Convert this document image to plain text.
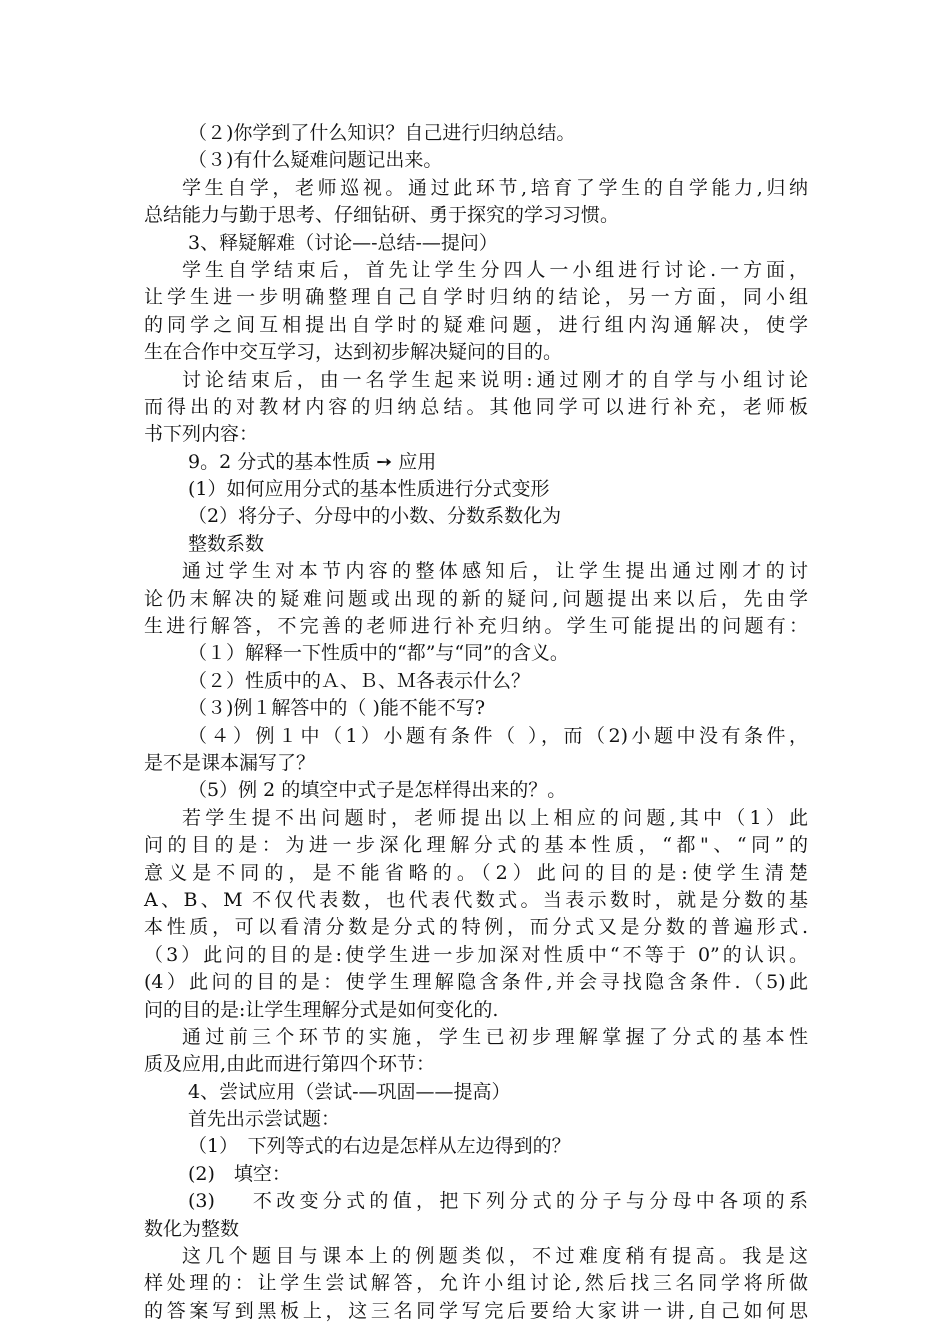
（２)你学到了什么知识？自己进行归纳总结。
（３)有什么疑难问题记出来。
学生自学，老师巡视。通过此环节,培育了学生的自学能力,归纳
总结能力与勤于思考、仔细钻研、勇于探究的学习习惯。
3、释疑解难（讨论—-总结-—提问）
学生自学结束后，首先让学生分四人一小组进行讨论.一方面，
让学生进一步明确整理自己自学时归纳的结论，另一方面，同小组
的同学之间互相提出自学时的疑难问题，进行组内沟通解决，使学
生在合作中交互学习，达到初步解决疑问的目的。
讨论结束后，由一名学生起来说明:通过刚才的自学与小组讨论
而得出的对教材内容的归纳总结。其他同学可以进行补充，老师板
书下列内容：
9。2 分式的基本性质 ➙ 应用
(1）如何应用分式的基本性质进行分式变形
（2）将分子、分母中的小数、分数系数化为
整数系数
通过学生对本节内容的整体感知后，让学生提出通过刚才的讨
论仍末解决的疑难问题或出现的新的疑问,问题提出来以后，先由学
生进行解答，不完善的老师进行补充归纳。学生可能提出的问题有：
（１）解释一下性质中的“都”与“同”的含义。
（２）性质中的Ａ、Ｂ、Ｍ各表示什么？
（３)例１解答中的（ )能不能不写?
（４）例１中（1）小题有条件（ ），而（2)小题中没有条件，
是不是课本漏写了？
（5）例 2 的填空中式子是怎样得出来的？。
若学生提不出问题时，老师提出以上相应的问题,其中（1）此
问的目的是：为进一步深化理解分式的基本性质，“都"、“同”的
意义是不同的，是不能省略的。（2）此问的目的是:使学生清楚
A、B、M 不仅代表数，也代表代数式。当表示数时，就是分数的基
本性质，可以看清分数是分式的特例，而分式又是分数的普遍形式.
（3）此问的目的是:使学生进一步加深对性质中“不等于 0”的认识。
(4）此问的目的是：使学生理解隐含条件,并会寻找隐含条件.（5)此
问的目的是:让学生理解分式是如何变化的.
通过前三个环节的实施，学生已初步理解掌握了分式的基本性
质及应用,由此而进行第四个环节：
4、尝试应用（尝试-—巩固——提高）
首先出示尝试题：
（1）　下列等式的右边是怎样从左边得到的？
(2)　填空：
(3)　 不改变分式的值，把下列分式的分子与分母中各项的系
数化为整数
这几个题目与课本上的例题类似，不过难度稍有提高。我是这
样处理的：让学生尝试解答，允许小组讨论,然后找三名同学将所做
的答案写到黑板上，这三名同学写完后要给大家讲一讲,自己如何思
